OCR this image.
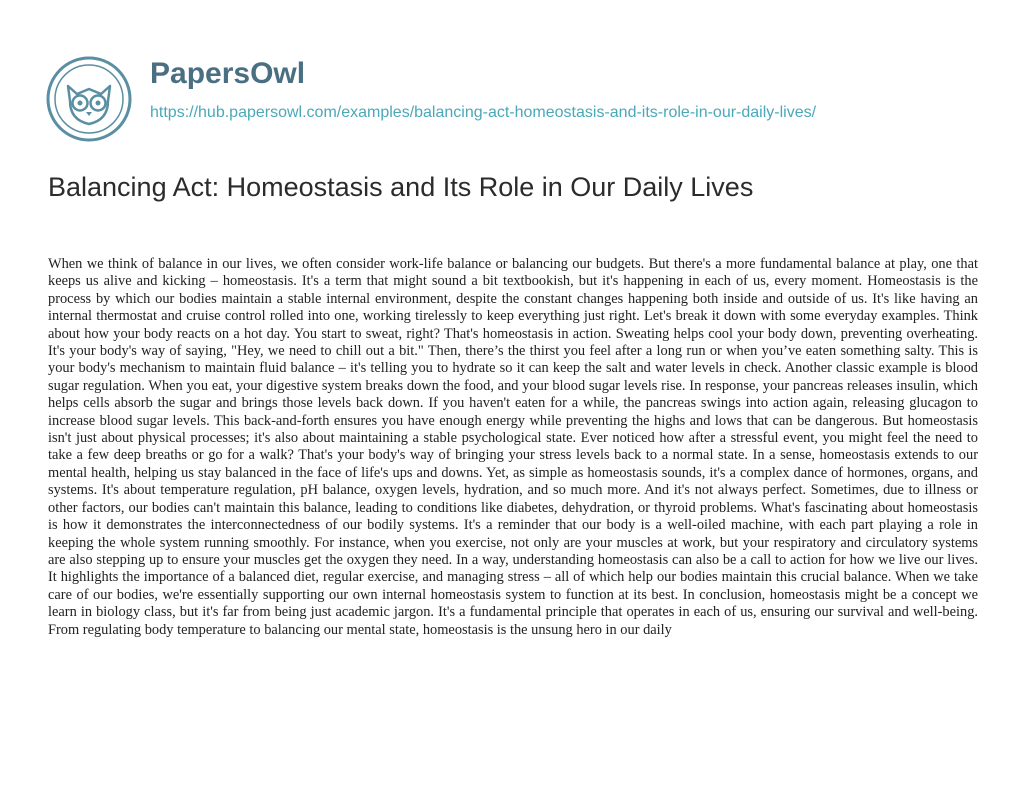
PapersOwl
https://hub.papersowl.com/examples/balancing-act-homeostasis-and-its-role-in-our-daily-lives/
Balancing Act: Homeostasis and Its Role in Our Daily Lives

When we think of balance in our lives, we often consider work-life balance or balancing our budgets. But there's a more fundamental balance at play, one that keeps us alive and kicking – homeostasis. It's a term that might sound a bit textbookish, but it's happening in each of us, every moment. Homeostasis is the process by which our bodies maintain a stable internal environment, despite the constant changes happening both inside and outside of us. It's like having an internal thermostat and cruise control rolled into one, working tirelessly to keep everything just right. Let's break it down with some everyday examples. Think about how your body reacts on a hot day. You start to sweat, right? That's homeostasis in action. Sweating helps cool your body down, preventing overheating. It's your body's way of saying, "Hey, we need to chill out a bit." Then, there’s the thirst you feel after a long run or when you’ve eaten something salty. This is your body's mechanism to maintain fluid balance – it's telling you to hydrate so it can keep the salt and water levels in check. Another classic example is blood sugar regulation. When you eat, your digestive system breaks down the food, and your blood sugar levels rise. In response, your pancreas releases insulin, which helps cells absorb the sugar and brings those levels back down. If you haven't eaten for a while, the pancreas swings into action again, releasing glucagon to increase blood sugar levels. This back-and-forth ensures you have enough energy while preventing the highs and lows that can be dangerous. But homeostasis isn't just about physical processes; it's also about maintaining a stable psychological state. Ever noticed how after a stressful event, you might feel the need to take a few deep breaths or go for a walk? That's your body's way of bringing your stress levels back to a normal state. In a sense, homeostasis extends to our mental health, helping us stay balanced in the face of life's ups and downs. Yet, as simple as homeostasis sounds, it's a complex dance of hormones, organs, and systems. It's about temperature regulation, pH balance, oxygen levels, hydration, and so much more. And it's not always perfect. Sometimes, due to illness or other factors, our bodies can't maintain this balance, leading to conditions like diabetes, dehydration, or thyroid problems. What's fascinating about homeostasis is how it demonstrates the interconnectedness of our bodily systems. It's a reminder that our body is a well-oiled machine, with each part playing a role in keeping the whole system running smoothly. For instance, when you exercise, not only are your muscles at work, but your respiratory and circulatory systems are also stepping up to ensure your muscles get the oxygen they need. In a way, understanding homeostasis can also be a call to action for how we live our lives. It highlights the importance of a balanced diet, regular exercise, and managing stress – all of which help our bodies maintain this crucial balance. When we take care of our bodies, we're essentially supporting our own internal homeostasis system to function at its best. In conclusion, homeostasis might be a concept we learn in biology class, but it's far from being just academic jargon. It's a fundamental principle that operates in each of us, ensuring our survival and well-being. From regulating body temperature to balancing our mental state, homeostasis is the unsung hero in our daily
